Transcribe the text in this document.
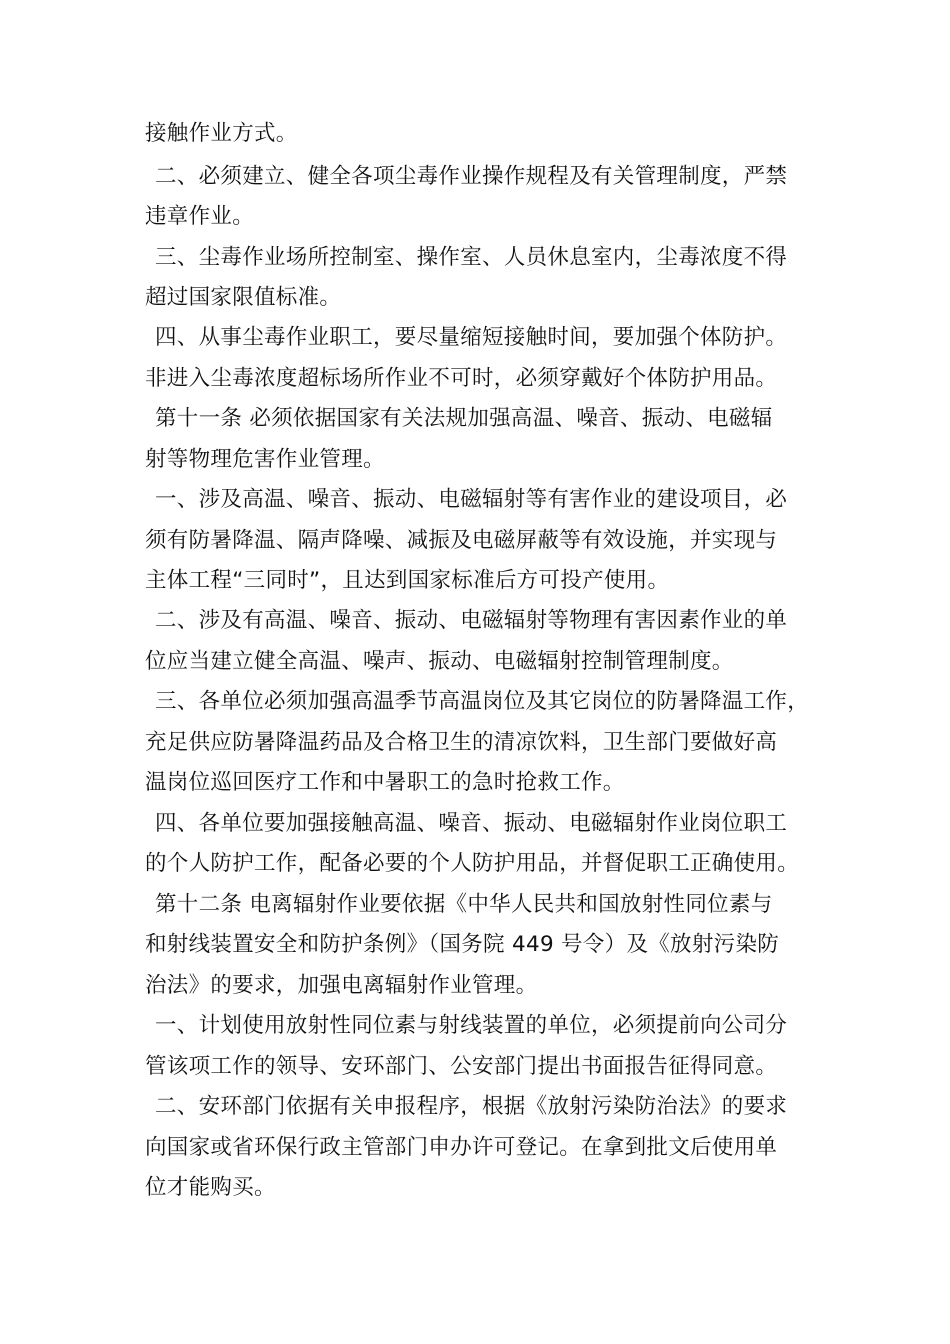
接触作业方式。
二、必须建立、健全各项尘毒作业操作规程及有关管理制度，严禁
违章作业。
三、尘毒作业场所控制室、操作室、人员休息室内，尘毒浓度不得
超过国家限值标准。
四、从事尘毒作业职工，要尽量缩短接触时间，要加强个体防护。
非进入尘毒浓度超标场所作业不可时，必须穿戴好个体防护用品。
第十一条 必须依据国家有关法规加强高温、噪音、振动、电磁辐
射等物理危害作业管理。
一、涉及高温、噪音、振动、电磁辐射等有害作业的建设项目，必
须有防暑降温、隔声降噪、减振及电磁屏蔽等有效设施，并实现与
主体工程“三同时”，且达到国家标准后方可投产使用。
二、涉及有高温、噪音、振动、电磁辐射等物理有害因素作业的单
位应当建立健全高温、噪声、振动、电磁辐射控制管理制度。
三、各单位必须加强高温季节高温岗位及其它岗位的防暑降温工作，
充足供应防暑降温药品及合格卫生的清凉饮料，卫生部门要做好高
温岗位巡回医疗工作和中暑职工的急时抢救工作。
四、各单位要加强接触高温、噪音、振动、电磁辐射作业岗位职工
的个人防护工作，配备必要的个人防护用品，并督促职工正确使用。
第十二条 电离辐射作业要依据《中华人民共和国放射性同位素与
和射线装置安全和防护条例》（国务院 449 号令）及《放射污染防
治法》的要求，加强电离辐射作业管理。
一、计划使用放射性同位素与射线装置的单位，必须提前向公司分
管该项工作的领导、安环部门、公安部门提出书面报告征得同意。
二、安环部门依据有关申报程序，根据《放射污染防治法》的要求
向国家或省环保行政主管部门申办许可登记。在拿到批文后使用单
位才能购买。
